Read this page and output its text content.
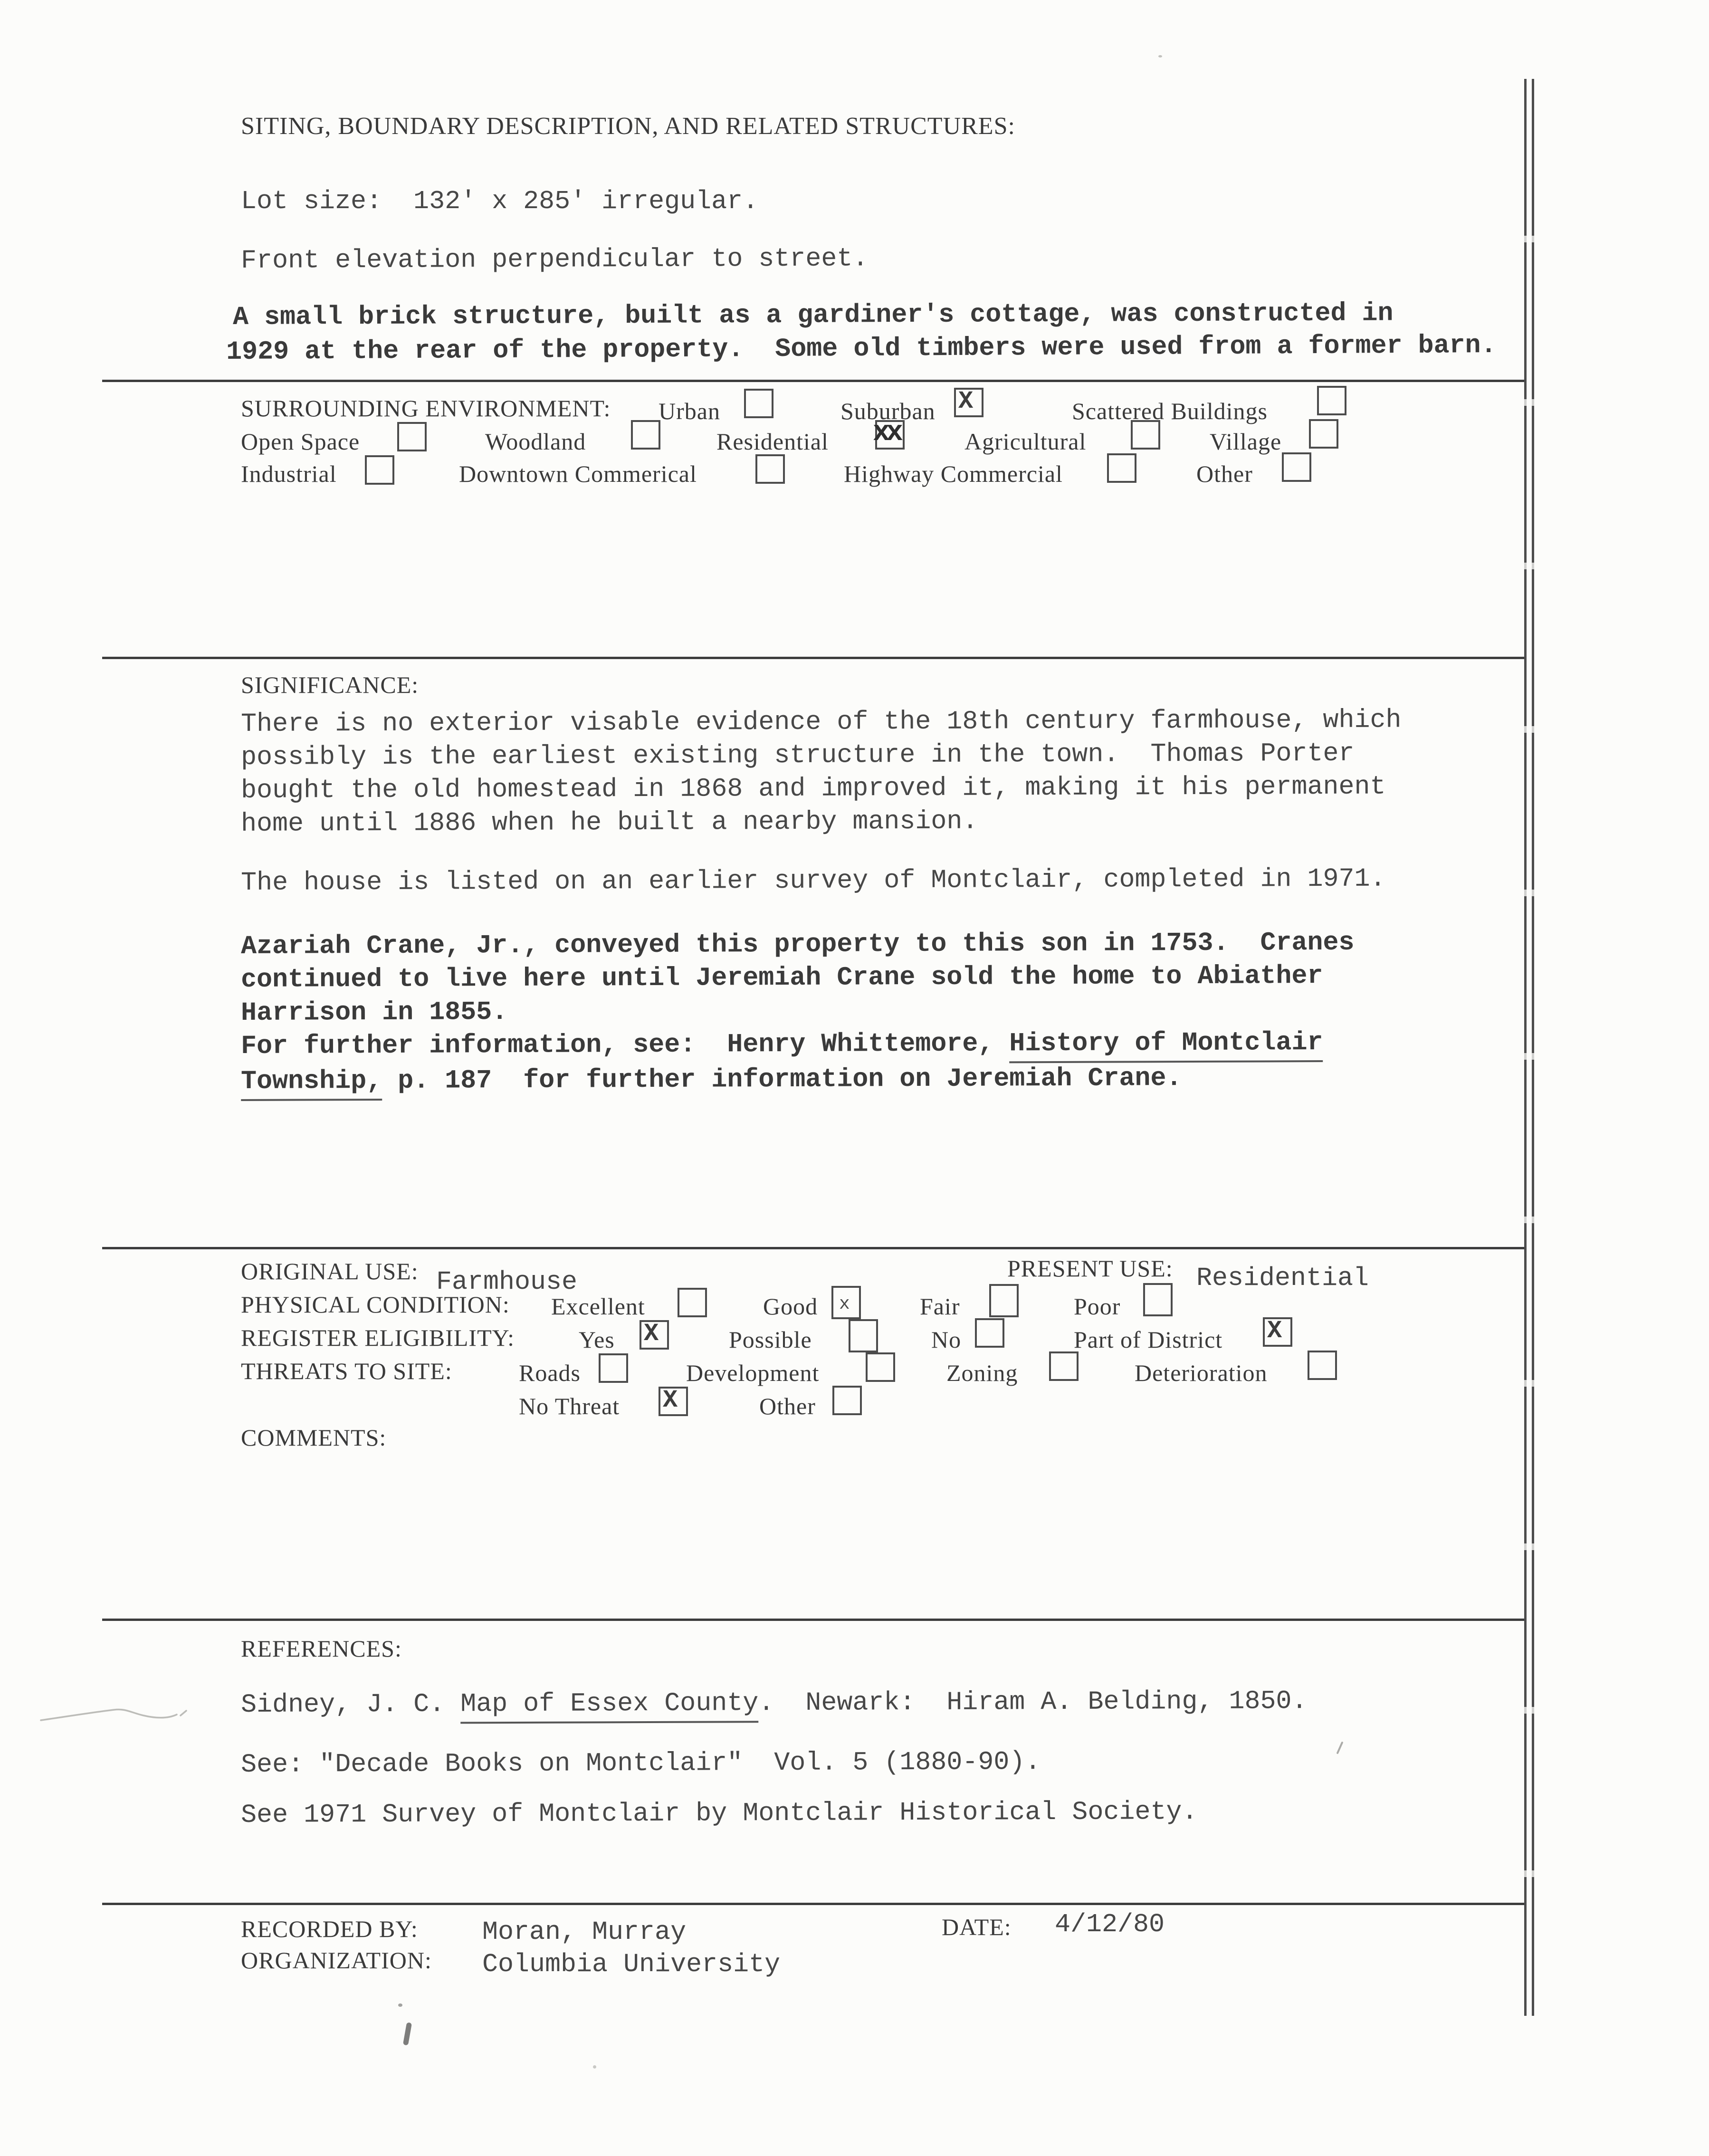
SITING, BOUNDARY DESCRIPTION, AND RELATED STRUCTURES:
Lot size:  132' x 285' irregular.
Front elevation perpendicular to street.
A small brick structure, built as a gardiner's cottage, was constructed in
1929 at the rear of the property.  Some old timbers were used from a former barn.
SURROUNDING ENVIRONMENT: Urban	Suburban X	Scattered Buildings
Open Space	Woodland	Residential xx	Agricultural	Village
Industrial	Downtown Commerical	Highway Commercial	Other
SIGNIFICANCE:
There is no exterior visable evidence of the 18th century farmhouse, which
possibly is the earliest existing structure in the town.  Thomas Porter
bought the old homestead in 1868 and improved it, making it his permanent
home until 1886 when he built a nearby mansion.
The house is listed on an earlier survey of Montclair, completed in 1971.
Azariah Crane, Jr., conveyed this property to this son in 1753.  Cranes
continued to live here until Jeremiah Crane sold the home to Abiather
Harrison in 1855.
For further information, see:  Henry Whittemore, History of Montclair
Township, p. 187  for further information on Jeremiah Crane.
ORIGINAL USE: Farmhouse	PRESENT USE: Residential
PHYSICAL CONDITION: Excellent	Good x	Fair	Poor
REGISTER ELIGIBILITY:	Yes X	Possible	No	Part of District X
THREATS TO SITE:	Roads	Development	Zoning	Deterioration
No Threat X	Other
COMMENTS:
REFERENCES:
Sidney, J. C. Map of Essex County.  Newark:  Hiram A. Belding, 1850.
See: "Decade Books on Montclair"  Vol. 5 (1880-90).
See 1971 Survey of Montclair by Montclair Historical Society.
RECORDED BY: Moran, Murray	DATE: 4/12/80
ORGANIZATION: Columbia University
